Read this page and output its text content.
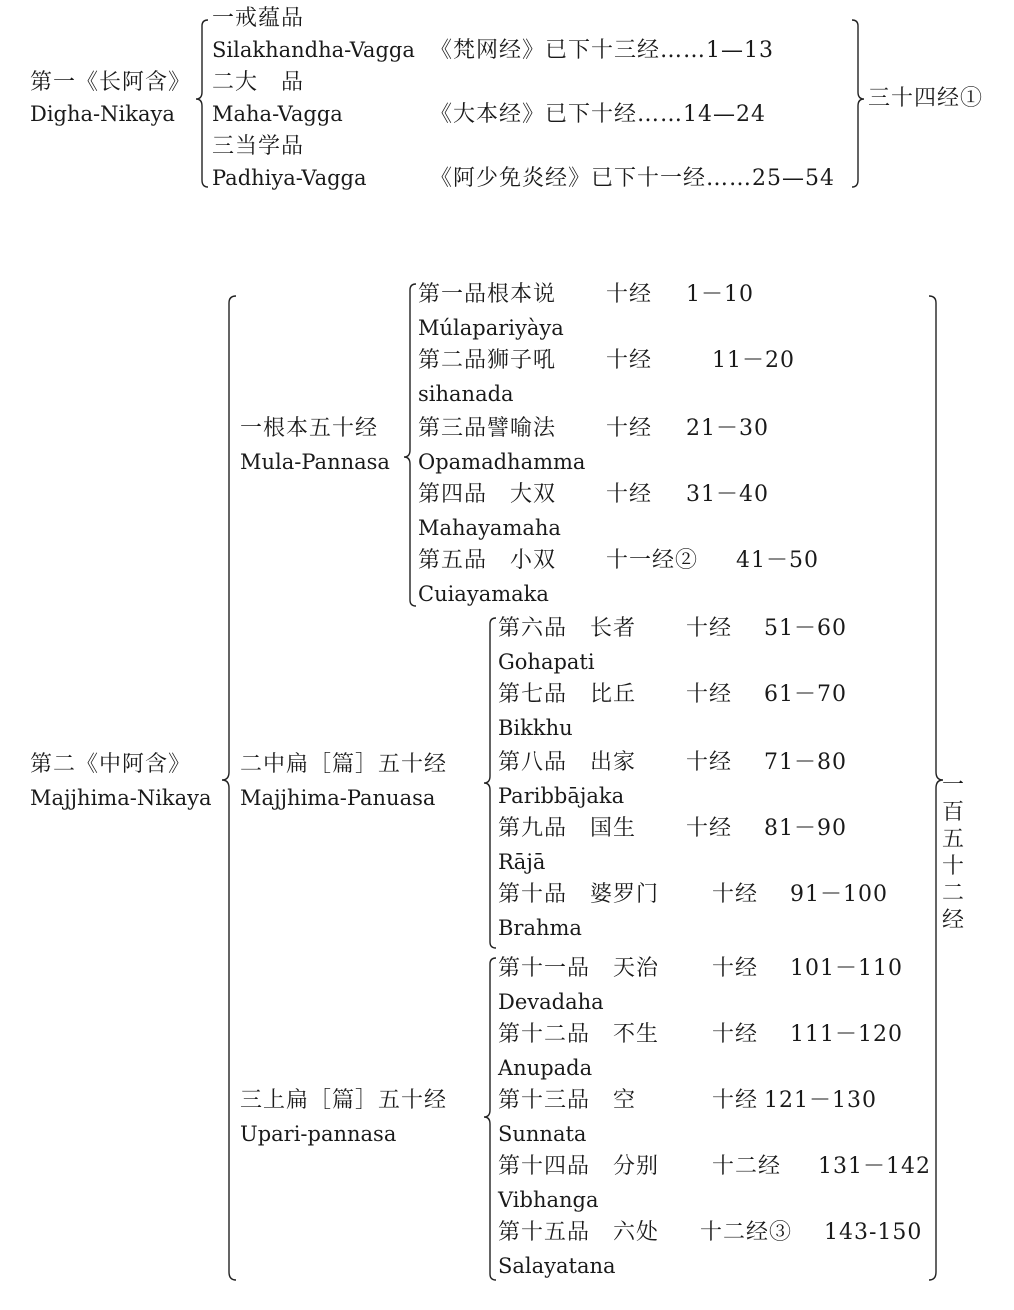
第一《长阿含》
Digha-Nikaya
一戒蕴品
Silakhandha-Vagga 《梵网经》已下十三经……1—13
二大　品
Maha-Vagga	《大本经》已下十经……14—24
三当学品
Padhiya-Vagga	《阿少免炎经》已下十一经……25—54
三十四经①
第二《中阿含》
Majjhima-Nikaya
一根本五十经
Mula-Pannasa
第一品根本说 十经 1－10
Múlapariyàya
第二品狮子吼 十经	11－20
sihanada
第三品譬喻法 十经 21－30
Opamadhamma
第四品　大双 十经 31－40
Mahayamaha
第五品　小双 十一经② 41－50
Cuiayamaka
二中扁［篇］五十经
Majjhima-Panuasa
第六品　长者 十经 51－60
Gohapati
第七品　比丘 十经 61－70
Bikkhu
第八品　出家 十经 71－80
Paribbājaka
第九品　国生 十经 81－90
Rājā
第十品　婆罗门 十经 91－100
Brahma
三上扁［篇］五十经
Upari-pannasa
第十一品　天治 十经 101－110
Devadaha
第十二品　不生 十经 111－120
Anupada
第十三品　空	十经 121－130
Sunnata
第十四品　分别 十二经 131－142
Vibhanga
第十五品　六处 十二经③ 143-150
Salayatana
一百五十二经
